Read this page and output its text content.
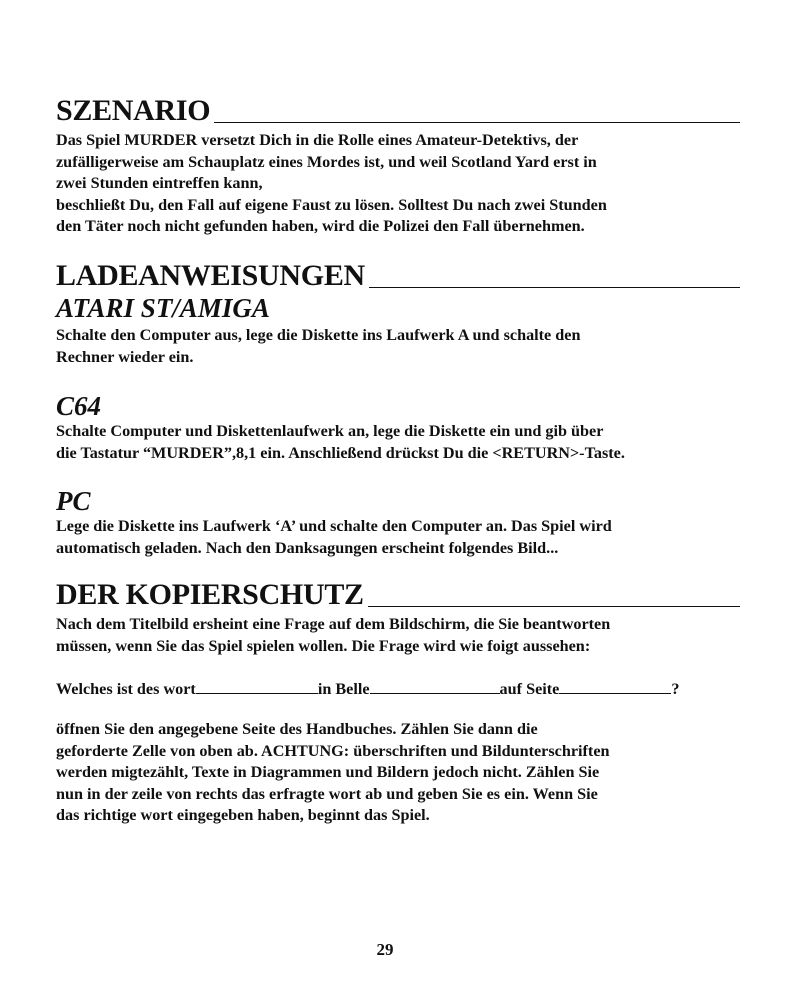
SZENARIO

Das Spiel MURDER versetzt Dich in die Rolle eines Amateur-Detektivs, der
zufälligerweise am Schauplatz eines Mordes ist, und weil Scotland Yard erst in
zwei Stunden eintreffen kann,
beschließt Du, den Fall auf eigene Faust zu lösen. Solltest Du nach zwei Stunden
den Täter noch nicht gefunden haben, wird die Polizei den Fall übernehmen.

LADEANWEISUNGEN
ATARI ST/AMIGA

Schalte den Computer aus, lege die Diskette ins Laufwerk A und schalte den
Rechner wieder ein.

C64

Schalte Computer und Diskettenlaufwerk an, lege die Diskette ein und gib über
die Tastatur “MURDER”,8,1 ein. Anschließend drückst Du die <RETURN>-Taste.

PC

Lege die Diskette ins Laufwerk ‘A’ und schalte den Computer an. Das Spiel wird
automatisch geladen. Nach den Danksagungen erscheint folgendes Bild...

DER KOPIERSCHUTZ

Nach dem Titelbild ersheint eine Frage auf dem Bildschirm, die Sie beantworten
müssen, wenn Sie das Spiel spielen wollen. Die Frage wird wie foigt aussehen:

Welches ist des wort	in Belle	auf Seite	?

öffnen Sie den angegebene Seite des Handbuches. Zählen Sie dann die
geforderte Zelle von oben ab. ACHTUNG: überschriften und Bildunterschriften
werden migtezählt, Texte in Diagrammen und Bildern jedoch nicht. Zählen Sie
nun in der zeile von rechts das erfragte wort ab und geben Sie es ein. Wenn Sie
das richtige wort eingegeben haben, beginnt das Spiel.

29
